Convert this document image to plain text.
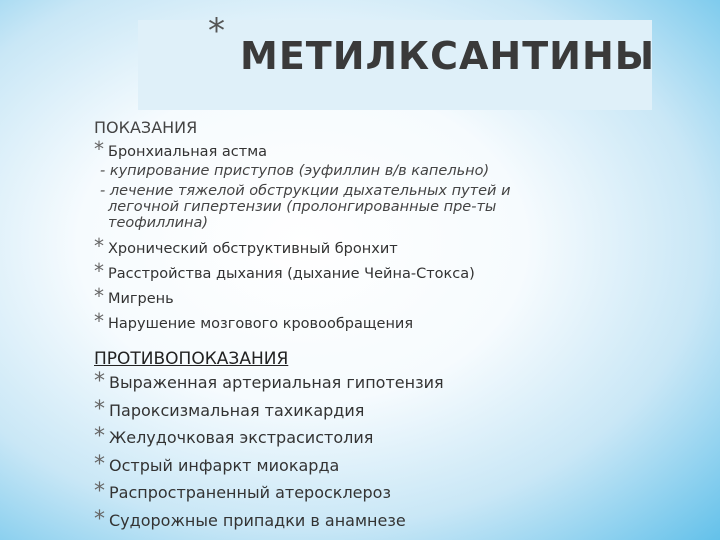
*
МЕТИЛКСАНТИНЫ
ПОКАЗАНИЯ
* Бронхиальная астма
- купирование приступов (эуфиллин в/в капельно)
- лечение тяжелой обструкции дыхательных путей и
легочной гипертензии (пролонгированные пре-ты
теофиллина)
* Хронический обструктивный бронхит
* Расстройства дыхания (дыхание Чейна-Стокса)
* Мигрень
* Нарушение мозгового кровообращения
ПРОТИВОПОКАЗАНИЯ
* Выраженная артериальная гипотензия
* Пароксизмальная тахикардия
* Желудочковая экстрасистолия
* Острый инфаркт миокарда
* Распространенный атеросклероз
* Судорожные припадки в анамнезе
